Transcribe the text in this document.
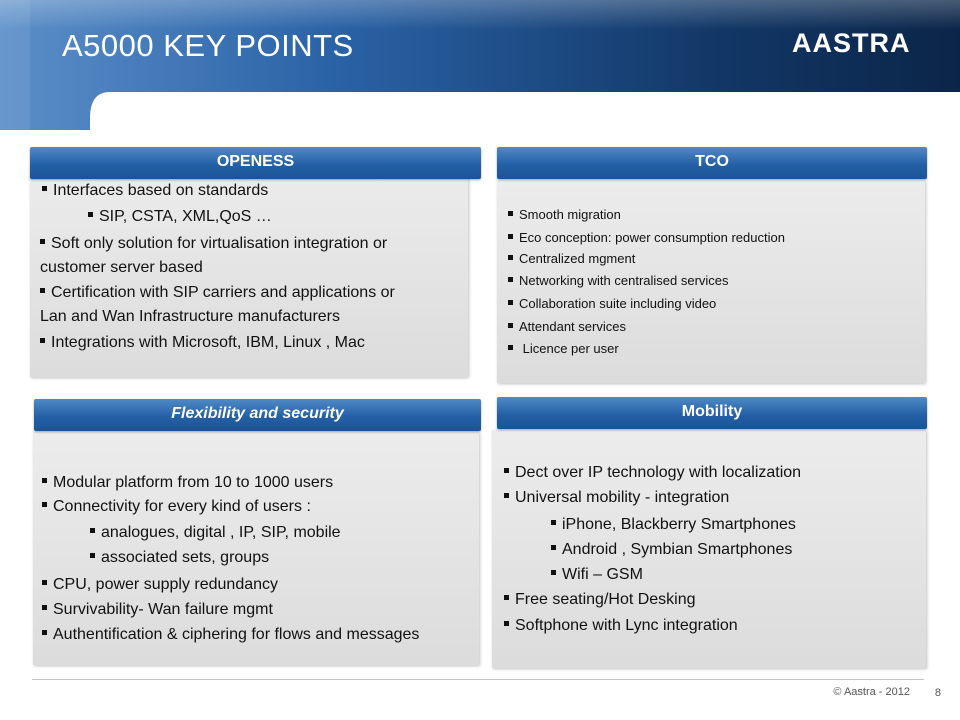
A5000 KEY POINTS	AASTRA
OPENESS
Interfaces based on standards
SIP, CSTA, XML,QoS …
Soft only solution for virtualisation integration or
customer server based
Certification with SIP carriers and applications or
Lan and Wan Infrastructure manufacturers
Integrations with Microsoft, IBM, Linux , Mac
TCO
Smooth migration
Eco conception: power consumption reduction
Centralized mgment
Networking with centralised services
Collaboration suite including video
Attendant services
Licence per user
Flexibility and security
Modular platform from 10 to 1000 users
Connectivity for every kind of users :
analogues, digital , IP, SIP, mobile
associated sets, groups
CPU, power supply redundancy
Survivability- Wan failure mgmt
Authentification & ciphering for flows and messages
Mobility
Dect over IP technology with localization
Universal mobility - integration
iPhone, Blackberry Smartphones
Android , Symbian Smartphones
Wifi – GSM
Free seating/Hot Desking
Softphone with Lync integration
© Aastra - 2012 8
